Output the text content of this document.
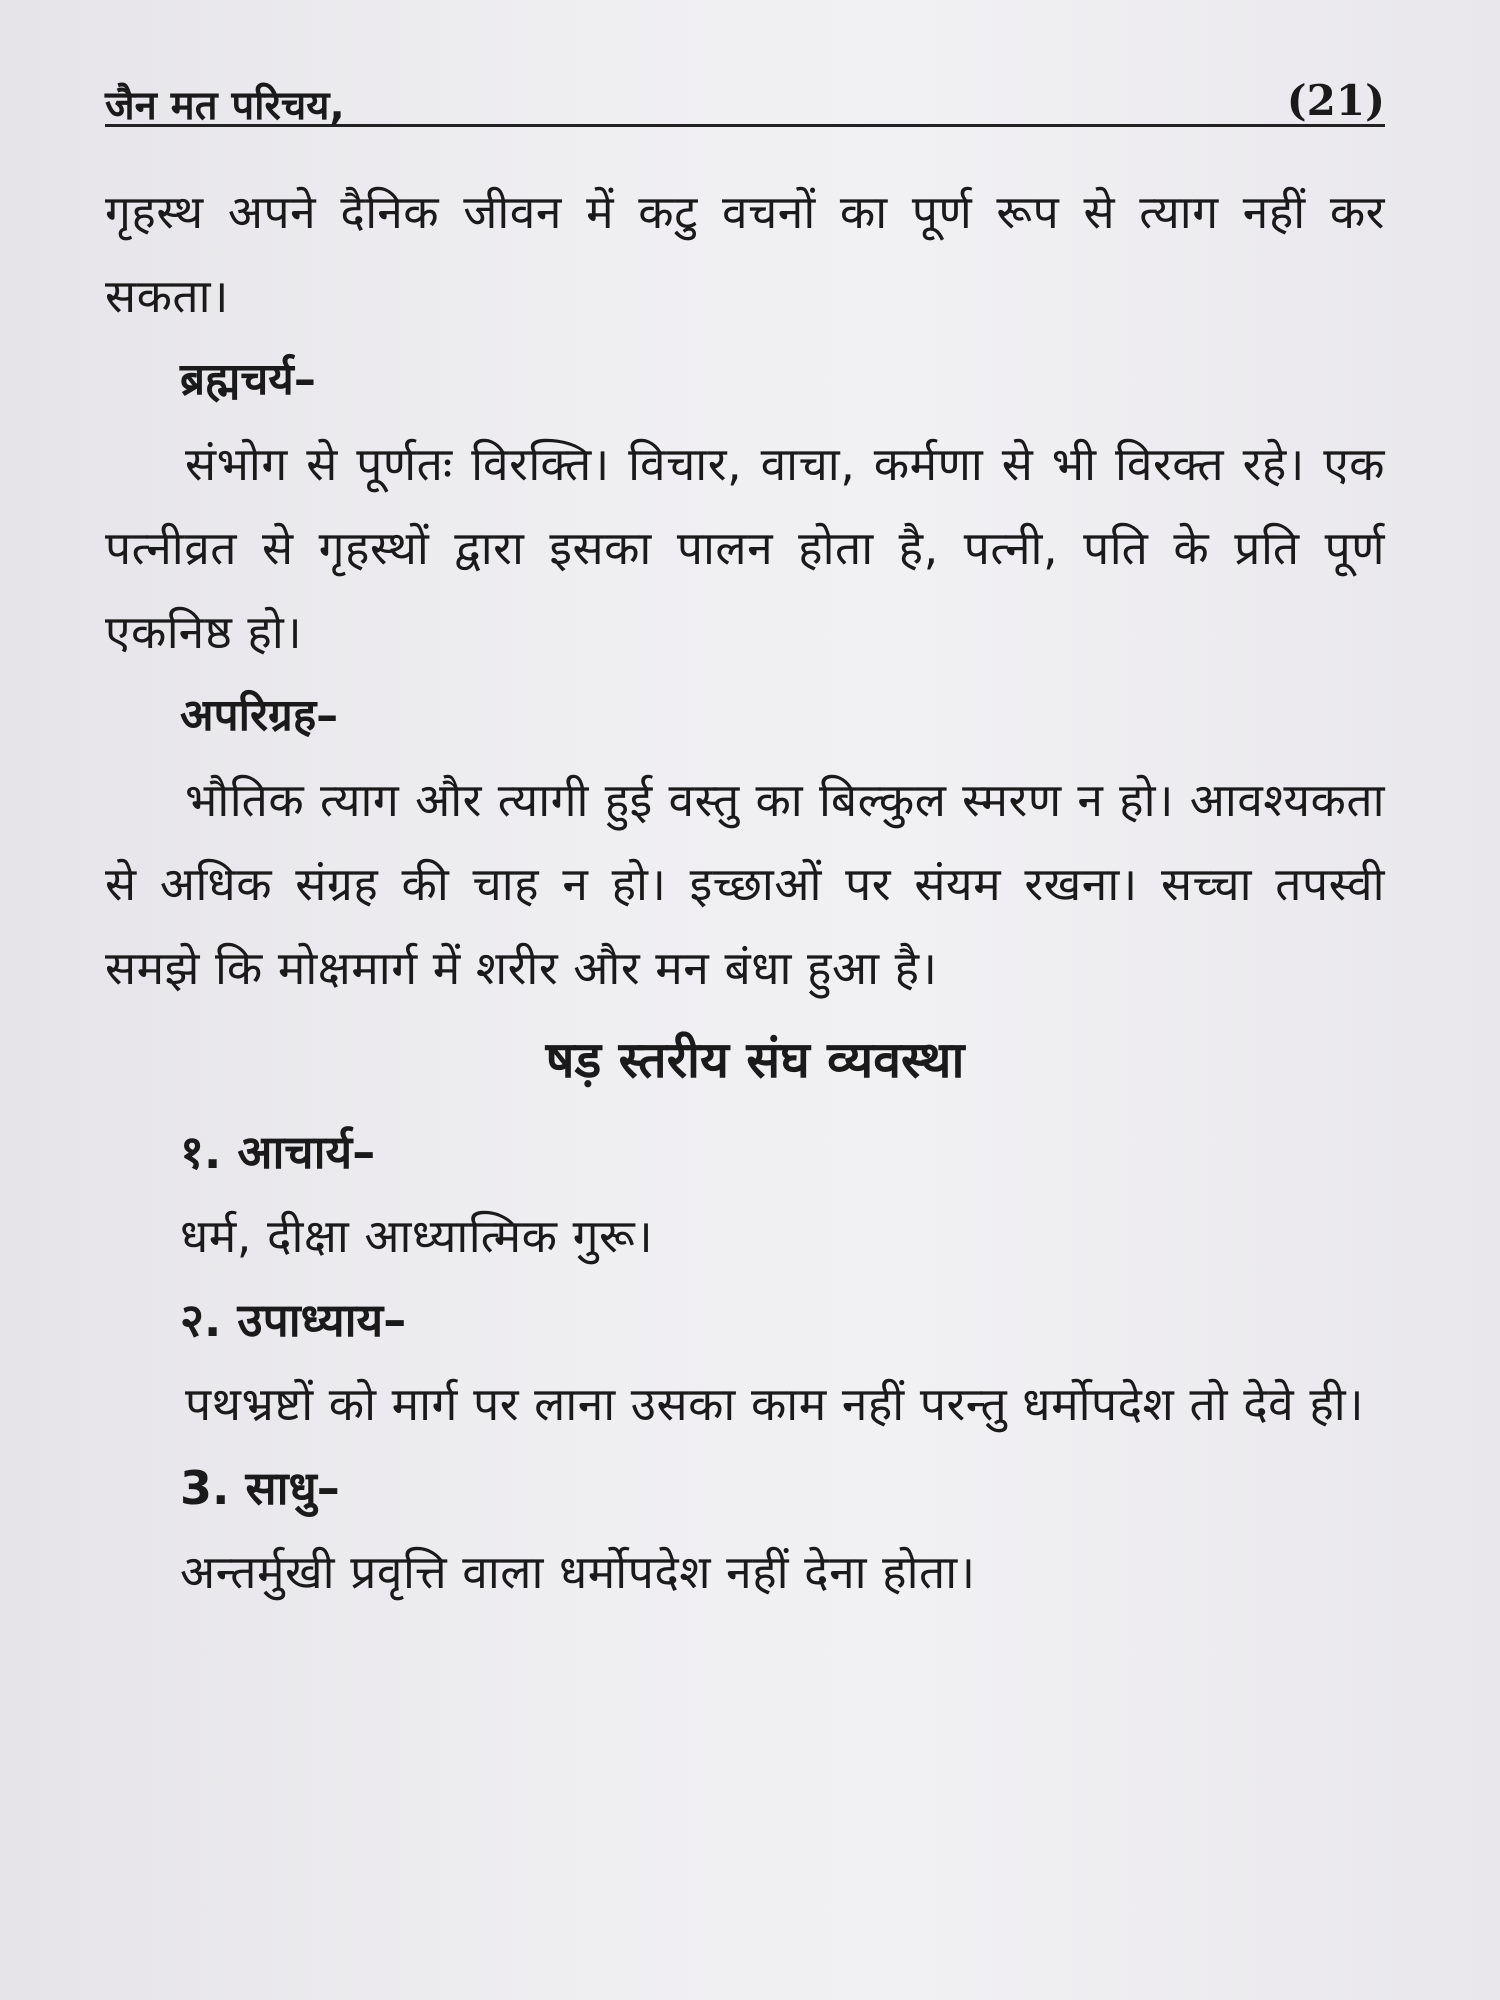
जैन मत परिचय,	(21)

गृहस्थ अपने दैनिक जीवन में कटु वचनों का पूर्ण रूप से त्याग नहीं कर सकता।

ब्रह्मचर्य–

संभोग से पूर्णतः विरक्ति। विचार, वाचा, कर्मणा से भी विरक्त रहे। एक पत्नीव्रत से गृहस्थों द्वारा इसका पालन होता है, पत्नी, पति के प्रति पूर्ण एकनिष्ठ हो।

अपरिग्रह–

भौतिक त्याग और त्यागी हुई वस्तु का बिल्कुल स्मरण न हो। आवश्यकता से अधिक संग्रह की चाह न हो। इच्छाओं पर संयम रखना। सच्चा तपस्वी समझे कि मोक्षमार्ग में शरीर और मन बंधा हुआ है।

षड़ स्तरीय संघ व्यवस्था

१. आचार्य–

धर्म, दीक्षा आध्यात्मिक गुरू।

२. उपाध्याय–

पथभ्रष्टों को मार्ग पर लाना उसका काम नहीं परन्तु धर्मोपदेश तो देवे ही।

3. साधु–

अन्तर्मुखी प्रवृत्ति वाला धर्मोपदेश नहीं देना होता।
